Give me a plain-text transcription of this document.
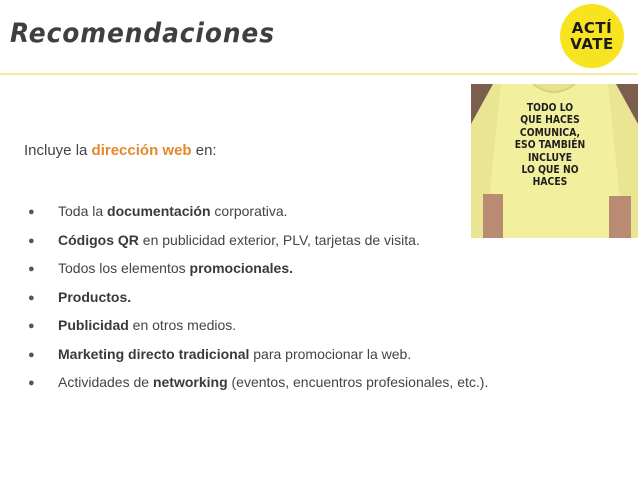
Recomendaciones	ACTÍ
VATE
TODO LO
QUE HACES
COMUNICA,
ESO TAMBIÉN
INCLUYE
LO QUE NO
HACES
Incluye la dirección web en:
● Toda la documentación corporativa.
● Códigos QR en publicidad exterior, PLV, tarjetas de visita.
● Todos los elementos promocionales.
● Productos.
● Publicidad en otros medios.
● Marketing directo tradicional para promocionar la web.
● Actividades de networking (eventos, encuentros profesionales, etc.).
